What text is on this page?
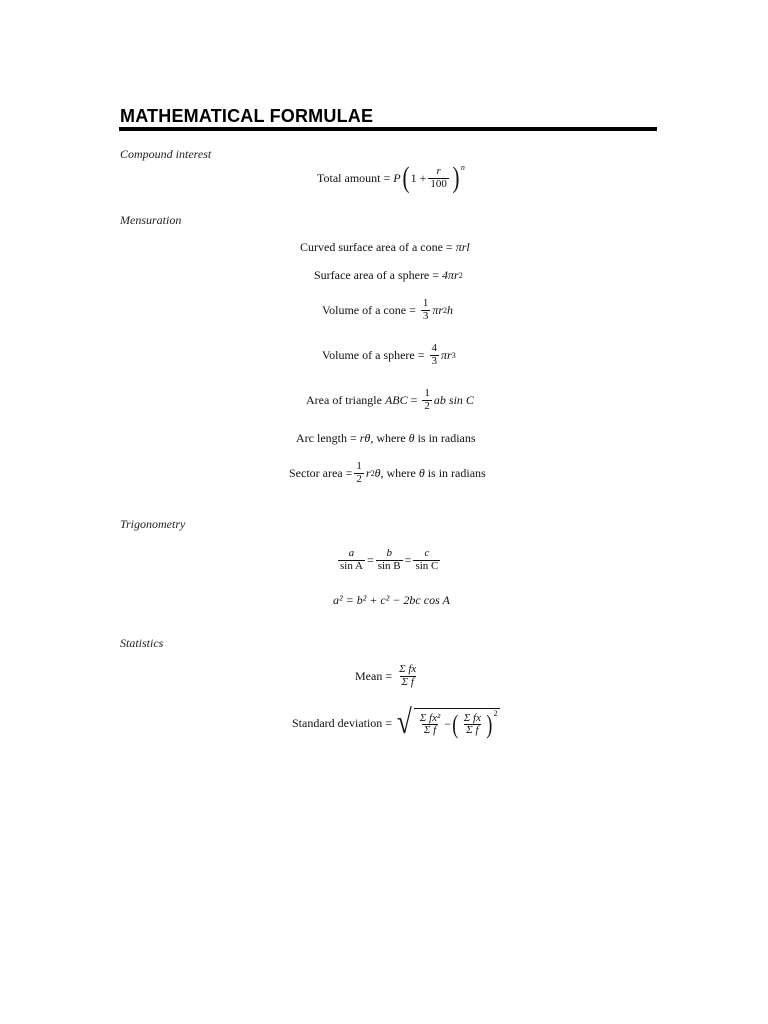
MATHEMATICAL FORMULAE
Compound interest
Total amount =
P ( $1 + \frac{r}{100}$ ) n
Mensuration
Curved surface area of a cone =
πrl
Surface area of a sphere =
4πr 2
Volume of a cone =
$\frac{1}{3}$ πr 2 h
Volume of a sphere =
$\frac{4}{3}$ πr 3
Area of triangle
ABC
=
$\frac{1}{2}$ ab sin C
Arc length =
rθ , where
θ
is in radians
Sector area = $\frac{1}{2}$ r 2 θ , where
θ
is in radians
Trigonometry
$\frac{a}{\text{sin A}} = \frac{b}{\text{sin B}} = \frac{c}{\text{sin C}}$
a² = b² + c² − 2bc cos A
Statistics
Mean =
$\frac{\text{Σ fx}}{\text{Σ f}}$
Standard deviation =
√ $\frac{\text{Σ fx²}}{\text{Σ f}}$ − ( $\frac{\text{Σ fx}}{\text{Σ f}}$ ) 2
